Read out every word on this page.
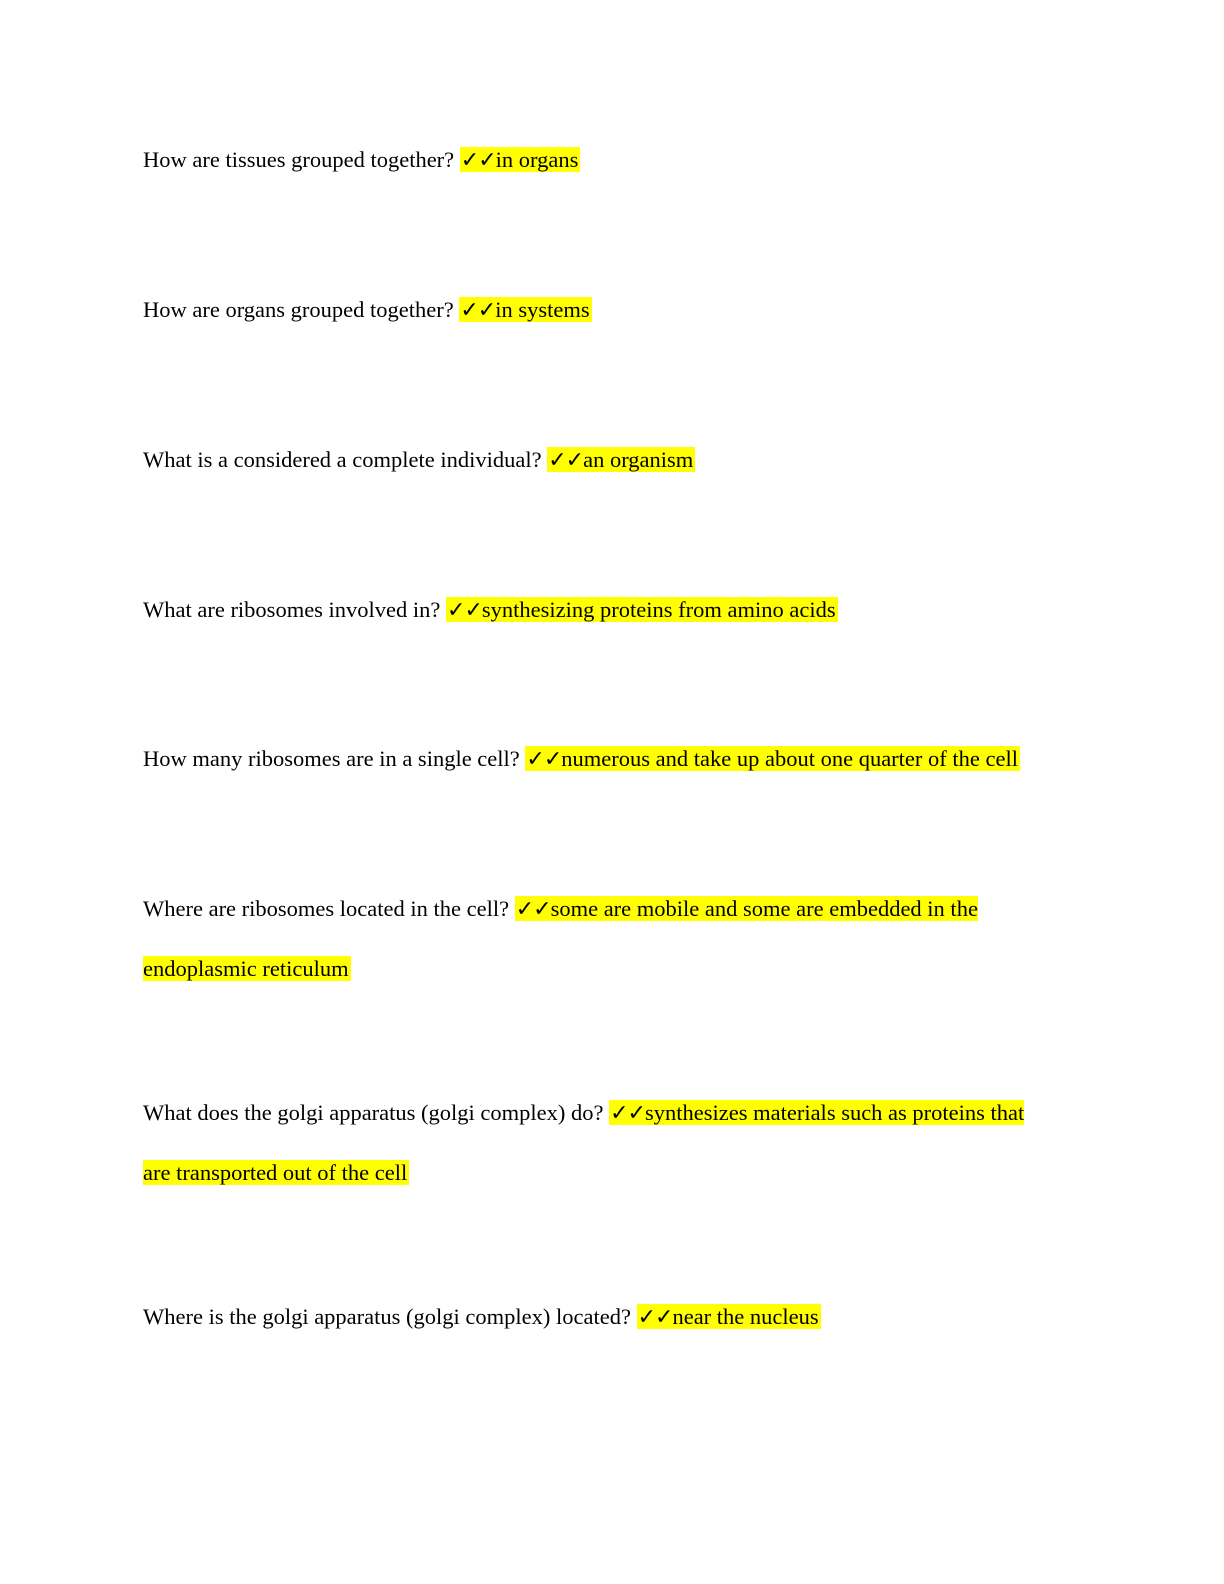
How are tissues grouped together? ✓✓in organs

How are organs grouped together? ✓✓in systems

What is a considered a complete individual? ✓✓an organism

What are ribosomes involved in? ✓✓synthesizing proteins from amino acids

How many ribosomes are in a single cell? ✓✓numerous and take up about one quarter of the cell

Where are ribosomes located in the cell? ✓✓some are mobile and some are embedded in the endoplasmic reticulum

What does the golgi apparatus (golgi complex) do? ✓✓synthesizes materials such as proteins that are transported out of the cell

Where is the golgi apparatus (golgi complex) located? ✓✓near the nucleus
